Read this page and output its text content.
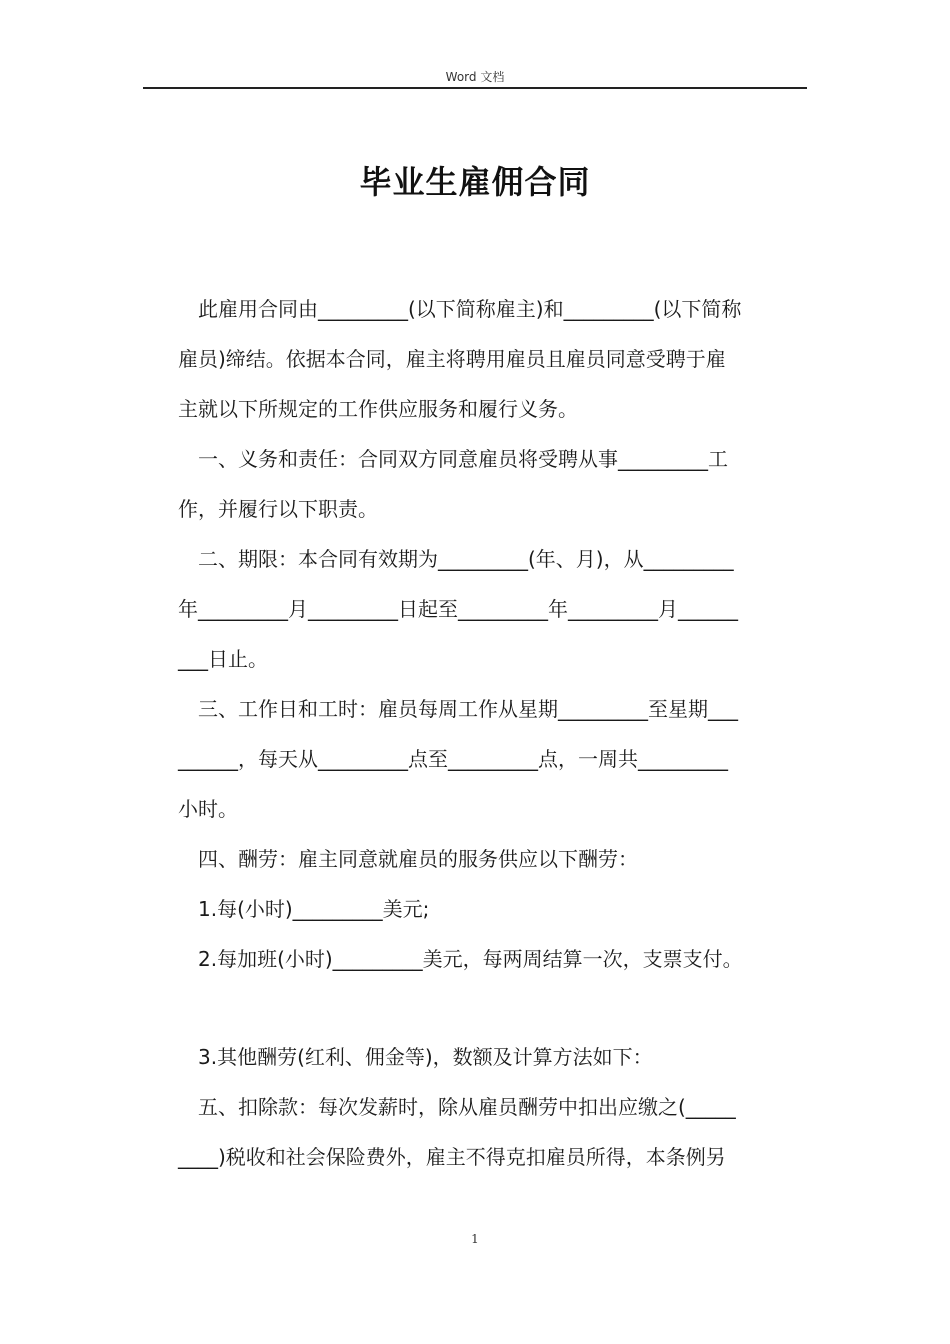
Word 文档
毕业生雇佣合同
　此雇用合同由_________(以下简称雇主)和_________(以下简称
雇员)缔结。依据本合同，雇主将聘用雇员且雇员同意受聘于雇
主就以下所规定的工作供应服务和履行义务。
　一、义务和责任：合同双方同意雇员将受聘从事_________工
作，并履行以下职责。
　二、期限：本合同有效期为_________(年、月)，从_________
年_________月_________日起至_________年_________月______
___日止。
　三、工作日和工时：雇员每周工作从星期_________至星期___
______，每天从_________点至_________点，一周共_________
小时。
　四、酬劳：雇主同意就雇员的服务供应以下酬劳：
　1.每(小时)_________美元;
　2.每加班(小时)_________美元，每两周结算一次，支票支付。
　3.其他酬劳(红利、佣金等)，数额及计算方法如下：
　五、扣除款：每次发薪时，除从雇员酬劳中扣出应缴之(_____
____)税收和社会保险费外，雇主不得克扣雇员所得，本条例另
1
